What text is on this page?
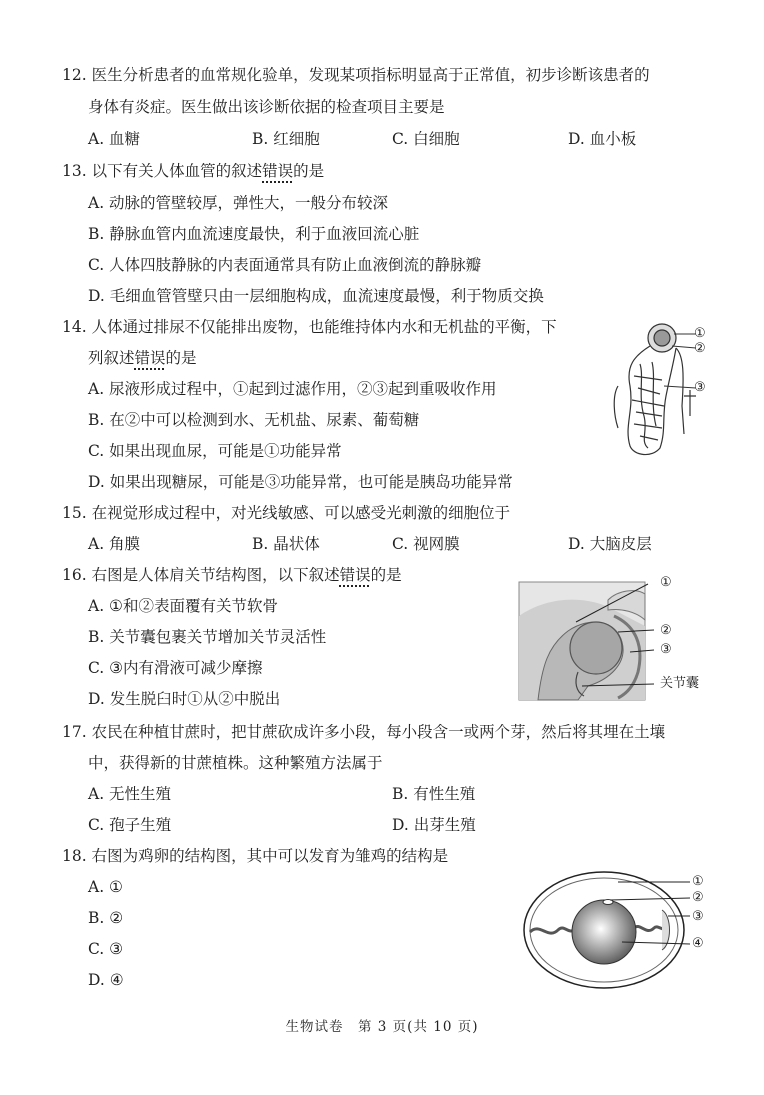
12. 医生分析患者的血常规化验单，发现某项指标明显高于正常值，初步诊断该患者的
身体有炎症。医生做出该诊断依据的检查项目主要是
A. 血糖	B. 红细胞	C. 白细胞	D. 血小板
13. 以下有关人体血管的叙述错误的是
A. 动脉的管壁较厚，弹性大，一般分布较深
B. 静脉血管内血流速度最快，利于血液回流心脏
C. 人体四肢静脉的内表面通常具有防止血液倒流的静脉瓣
D. 毛细血管管壁只由一层细胞构成，血流速度最慢，利于物质交换
14. 人体通过排尿不仅能排出废物，也能维持体内水和无机盐的平衡，下
列叙述错误的是
A. 尿液形成过程中，①起到过滤作用，②③起到重吸收作用
B. 在②中可以检测到水、无机盐、尿素、葡萄糖
C. 如果出现血尿，可能是①功能异常
D. 如果出现糖尿，可能是③功能异常，也可能是胰岛功能异常
①
②
③
15. 在视觉形成过程中，对光线敏感、可以感受光刺激的细胞位于
A. 角膜	B. 晶状体	C. 视网膜	D. 大脑皮层
16. 右图是人体肩关节结构图，以下叙述错误的是
A. ①和②表面覆有关节软骨
B. 关节囊包裹关节增加关节灵活性
C. ③内有滑液可减少摩擦
D. 发生脱臼时①从②中脱出
①
②
③
关节囊
17. 农民在种植甘蔗时，把甘蔗砍成许多小段，每小段含一或两个芽，然后将其埋在土壤
中，获得新的甘蔗植株。这种繁殖方法属于
A. 无性生殖	B. 有性生殖
C. 孢子生殖	D. 出芽生殖
18. 右图为鸡卵的结构图，其中可以发育为雏鸡的结构是
A. ①
B. ②
C. ③
D. ④
①
②
③
④
生物试卷　第 3 页(共 10 页)
